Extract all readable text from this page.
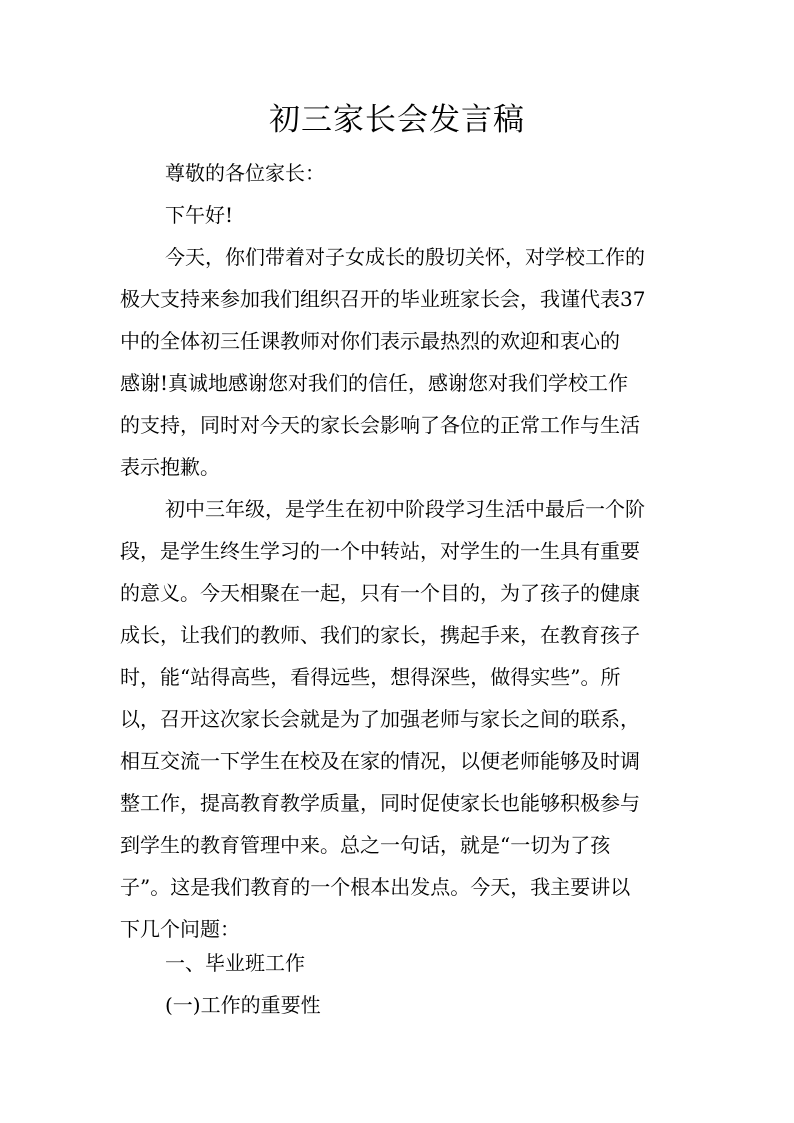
初三家长会发言稿
尊敬的各位家长：
下午好!
今天，你们带着对子女成长的殷切关怀，对学校工作的
极大支持来参加我们组织召开的毕业班家长会，我谨代表37
中的全体初三任课教师对你们表示最热烈的欢迎和衷心的
感谢!真诚地感谢您对我们的信任，感谢您对我们学校工作
的支持，同时对今天的家长会影响了各位的正常工作与生活
表示抱歉。
初中三年级，是学生在初中阶段学习生活中最后一个阶
段，是学生终生学习的一个中转站，对学生的一生具有重要
的意义。今天相聚在一起，只有一个目的，为了孩子的健康
成长，让我们的教师、我们的家长，携起手来，在教育孩子
时，能“站得高些，看得远些，想得深些，做得实些”。所
以，召开这次家长会就是为了加强老师与家长之间的联系，
相互交流一下学生在校及在家的情况，以便老师能够及时调
整工作，提高教育教学质量，同时促使家长也能够积极参与
到学生的教育管理中来。总之一句话，就是“一切为了孩
子”。这是我们教育的一个根本出发点。今天，我主要讲以
下几个问题：
一、毕业班工作
(一)工作的重要性
